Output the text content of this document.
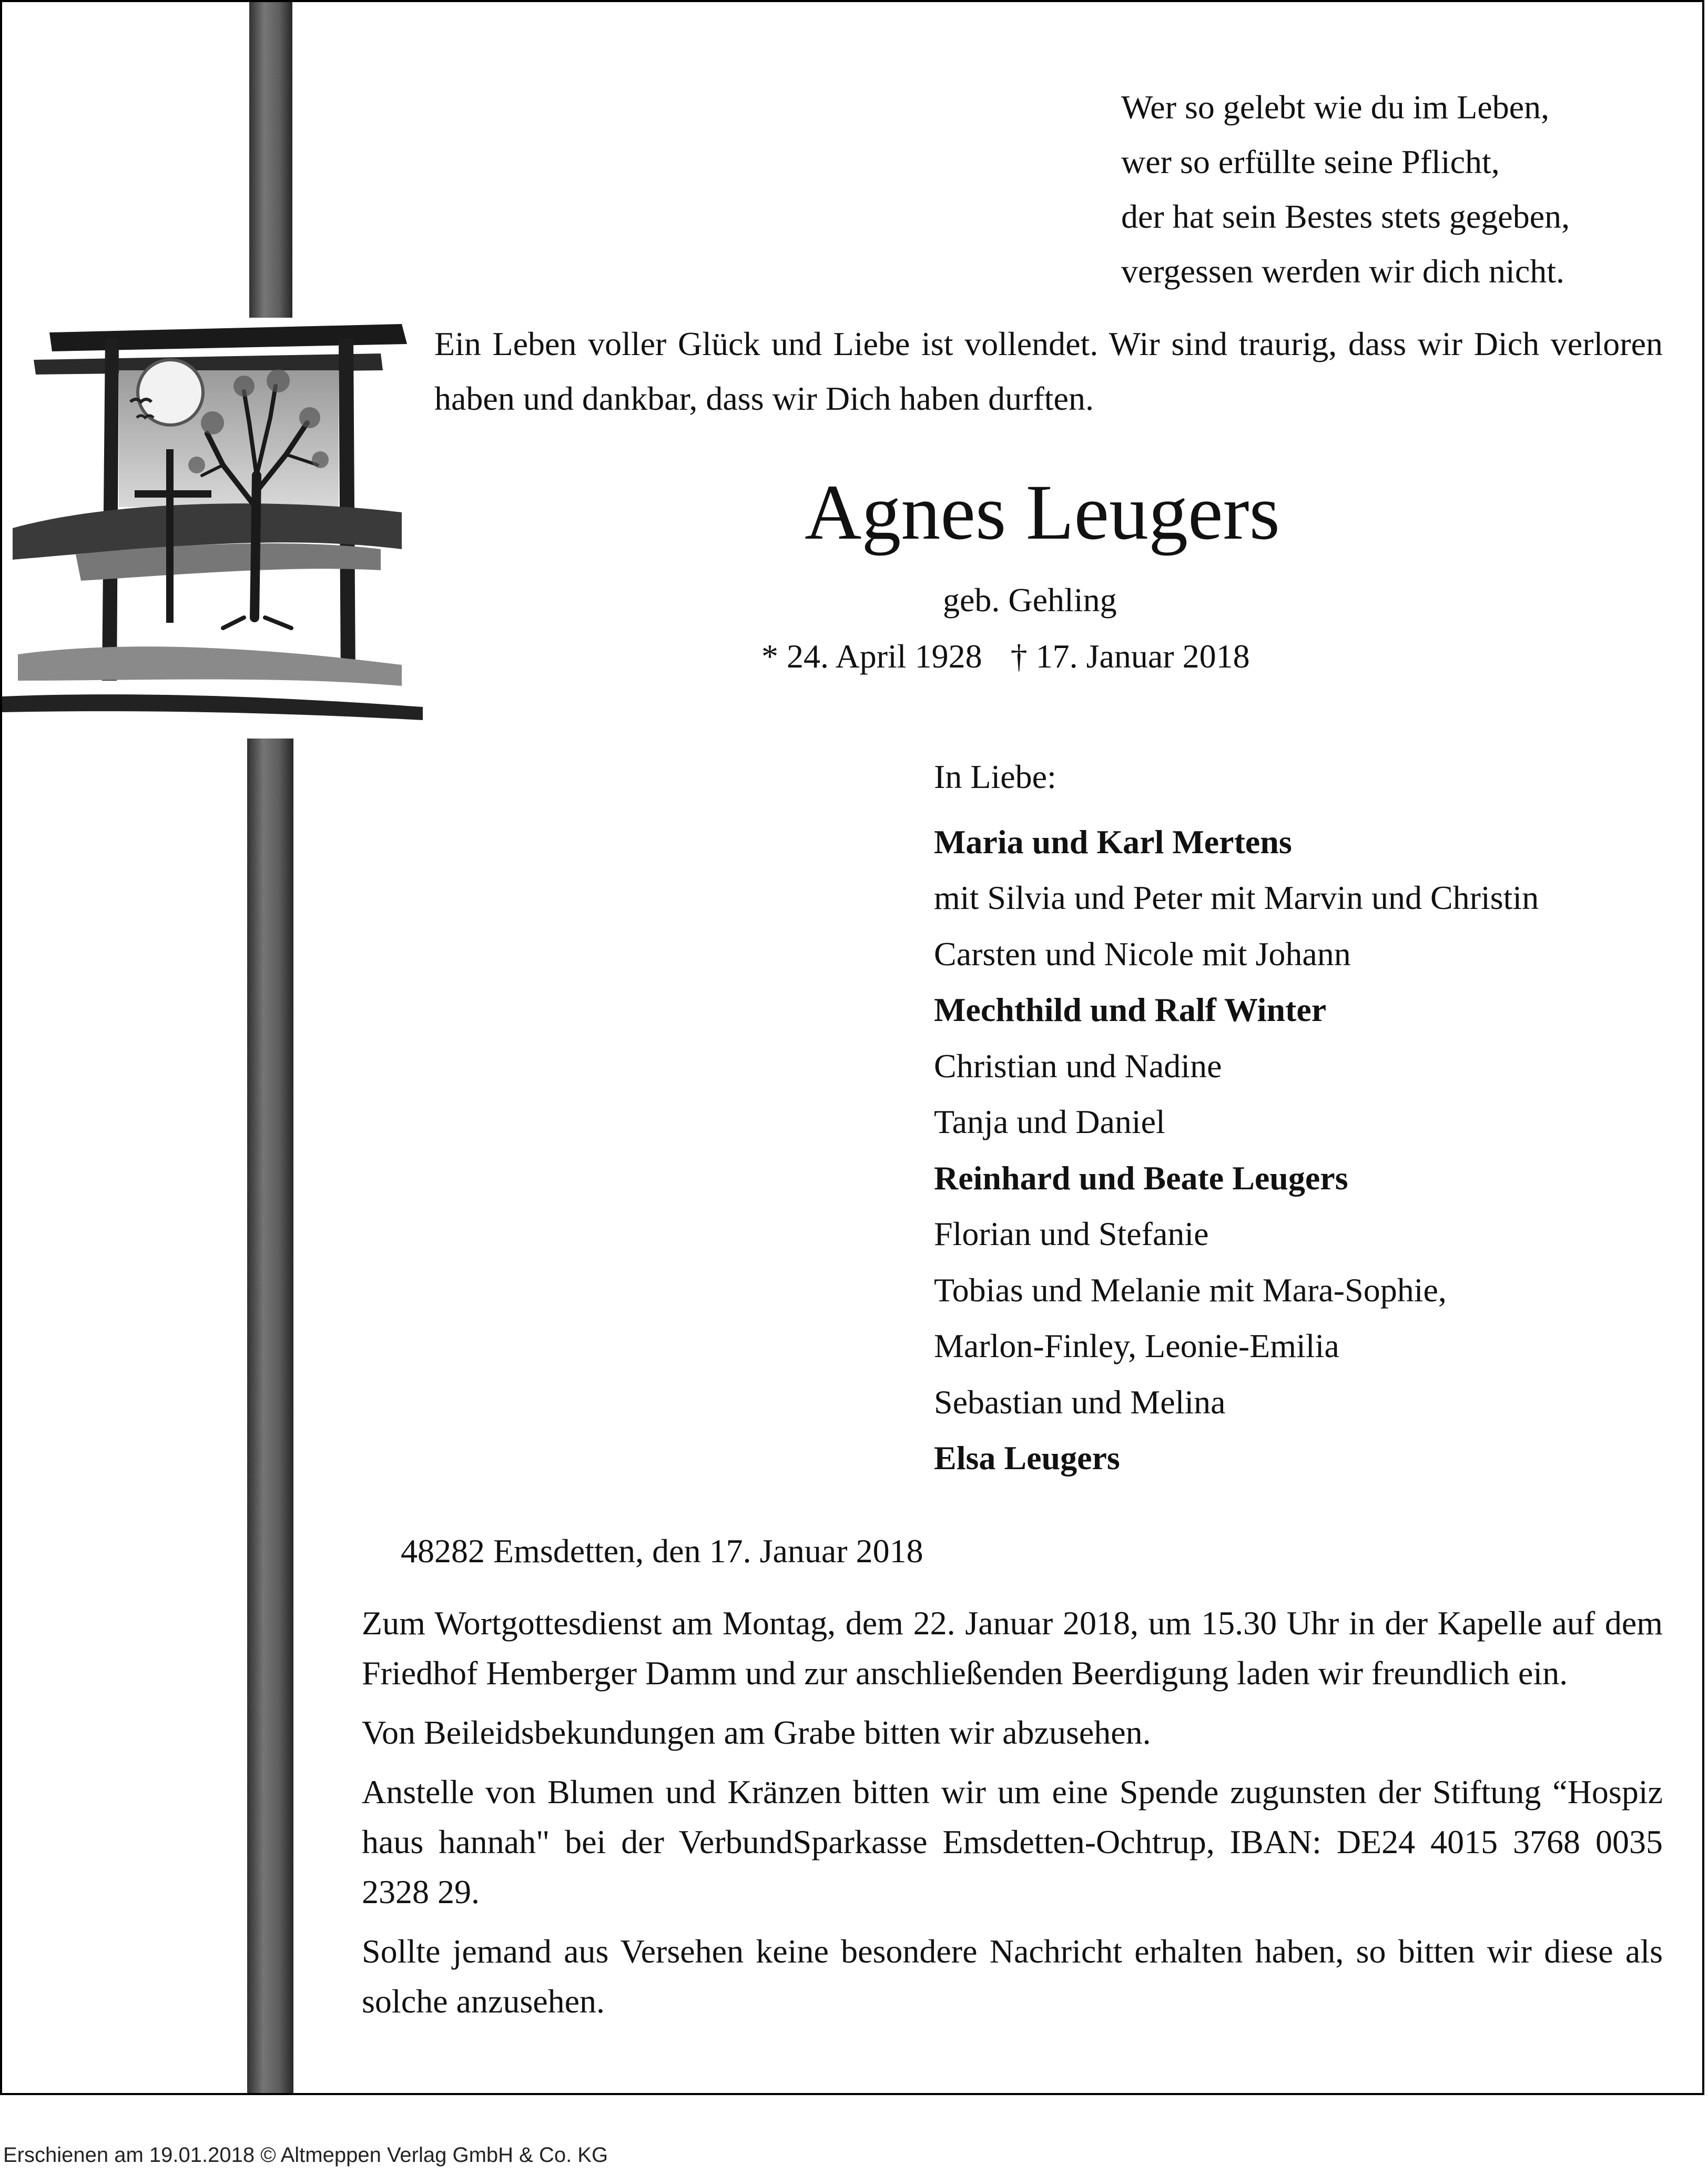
Wer so gelebt wie du im Leben,
wer so erfüllte seine Pflicht,
der hat sein Bestes stets gegeben,
vergessen werden wir dich nicht.
Ein Leben voller Glück und Liebe ist vollendet. Wir sind traurig, dass wir Dich verloren haben und dankbar, dass wir Dich haben durften.
Agnes Leugers
geb. Gehling
* 24. April 1928 † 17. Januar 2018
In Liebe:
Maria und Karl Mertens
mit Silvia und Peter mit Marvin und Christin
Carsten und Nicole mit Johann
Mechthild und Ralf Winter
Christian und Nadine
Tanja und Daniel
Reinhard und Beate Leugers
Florian und Stefanie
Tobias und Melanie mit Mara-Sophie,
Marlon-Finley, Leonie-Emilia
Sebastian und Melina
Elsa Leugers
48282 Emsdetten, den 17. Januar 2018

Zum Wortgottesdienst am Montag, dem 22. Januar 2018, um 15.30 Uhr in der Kapelle auf dem Friedhof Hemberger Damm und zur anschließenden Beerdigung laden wir freundlich ein.

Von Beileidsbekundungen am Grabe bitten wir abzusehen.

Anstelle von Blumen und Kränzen bitten wir um eine Spende zugunsten der Stiftung “Hospiz haus hannah" bei der VerbundSparkasse Emsdetten-Ochtrup, IBAN: DE24 4015 3768 0035 2328 29.

Sollte jemand aus Versehen keine besondere Nachricht erhalten haben, so bitten wir diese als solche anzusehen.

Erschienen am 19.01.2018 © Altmeppen Verlag GmbH & Co. KG
